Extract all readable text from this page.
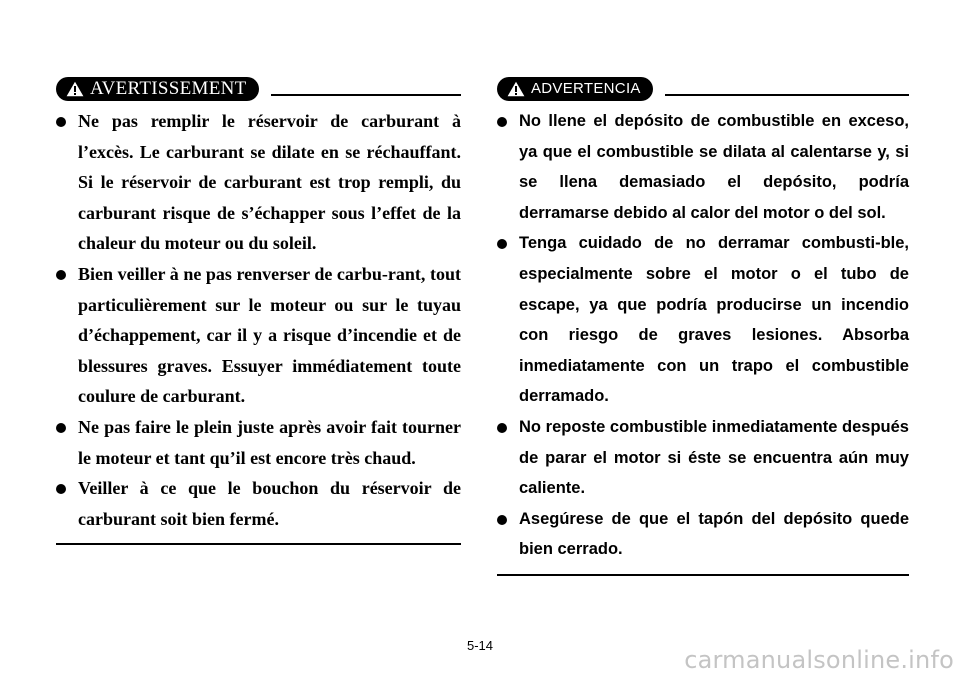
AVERTISSEMENT
Ne pas remplir le réservoir de carburant à l’excès. Le carburant se dilate en se réchauffant. Si le réservoir de carburant est trop rempli, du carburant risque de s’échapper sous l’effet de la chaleur du moteur ou du soleil.
Bien veiller à ne pas renverser de carbu-rant, tout particulièrement sur le moteur ou sur le tuyau d’échappement, car il y a risque d’incendie et de blessures graves. Essuyer immédiatement toute coulure de carburant.
Ne pas faire le plein juste après avoir fait tourner le moteur et tant qu’il est encore très chaud.
Veiller à ce que le bouchon du réservoir de carburant soit bien fermé.
ADVERTENCIA
No llene el depósito de combustible en exceso, ya que el combustible se dilata al calentarse y, si se llena demasiado el depósito, podría derramarse debido al calor del motor o del sol.
Tenga cuidado de no derramar combusti-ble, especialmente sobre el motor o el tubo de escape, ya que podría producirse un incendio con riesgo de graves lesiones. Absorba inmediatamente con un trapo el combustible derramado.
No reposte combustible inmediatamente después de parar el motor si éste se encuentra aún muy caliente.
Asegúrese de que el tapón del depósito quede bien cerrado.
5-14
carmanualsonline.info
